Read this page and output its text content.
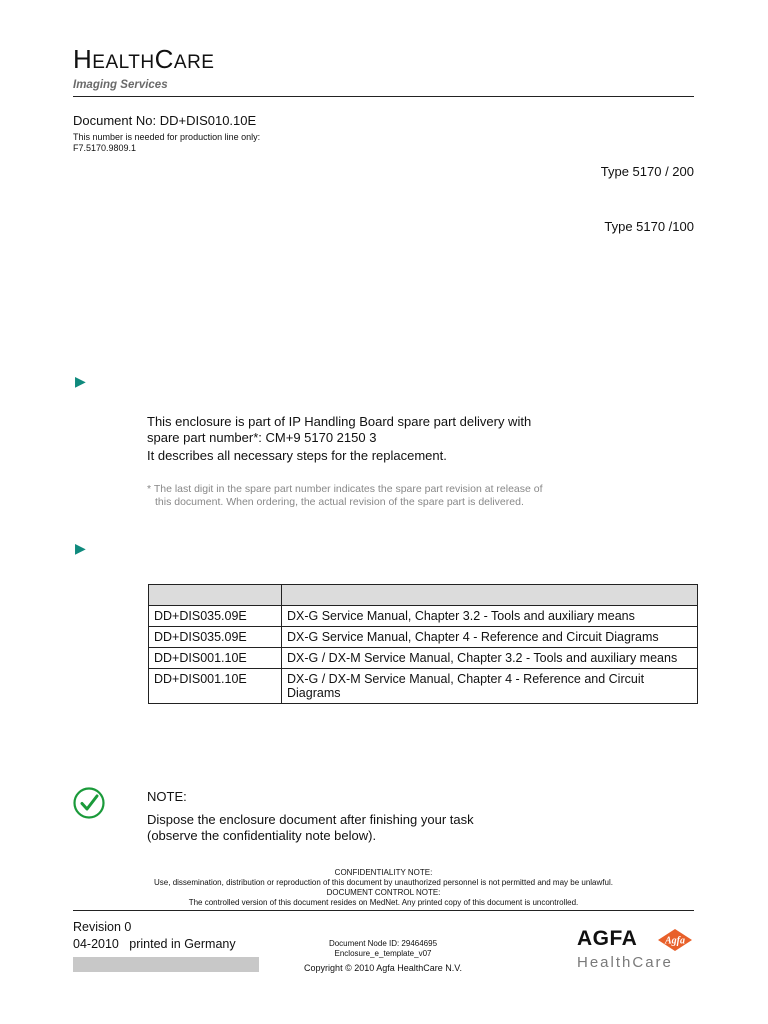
HEALTHCARE
Imaging Services
Document No: DD+DIS010.10E
This number is needed for production line only:
F7.5170.9809.1
Type 5170 / 200
Type 5170 /100
▶
▶
This enclosure is part of IP Handling Board spare part delivery with
spare part number*: CM+9 5170 2150 3
It describes all necessary steps for the replacement.
* The last digit in the spare part number indicates the spare part revision at release of
this document. When ordering, the actual revision of the spare part is delivered.

DD+DIS035.09E	DX-G Service Manual, Chapter 3.2 - Tools and auxiliary means
DD+DIS035.09E	DX-G Service Manual, Chapter 4 - Reference and Circuit Diagrams
DD+DIS001.10E	DX-G / DX-M Service Manual, Chapter 3.2 - Tools and auxiliary means
DD+DIS001.10E	DX-G / DX-M Service Manual, Chapter 4 - Reference and Circuit Diagrams
NOTE:
Dispose the enclosure document after finishing your task
(observe the confidentiality note below).
CONFIDENTIALITY NOTE:
Use, dissemination, distribution or reproduction of this document by unauthorized personnel is not permitted and may be unlawful.
DOCUMENT CONTROL NOTE:
The controlled version of this document resides on MedNet. Any printed copy of this document is uncontrolled.
Revision 0
04-2010   printed in Germany	Document Node ID: 29464695
Enclosure_e_template_v07
Copyright © 2010 Agfa HealthCare N.V.
AGFA	Agfa
HealthCare
